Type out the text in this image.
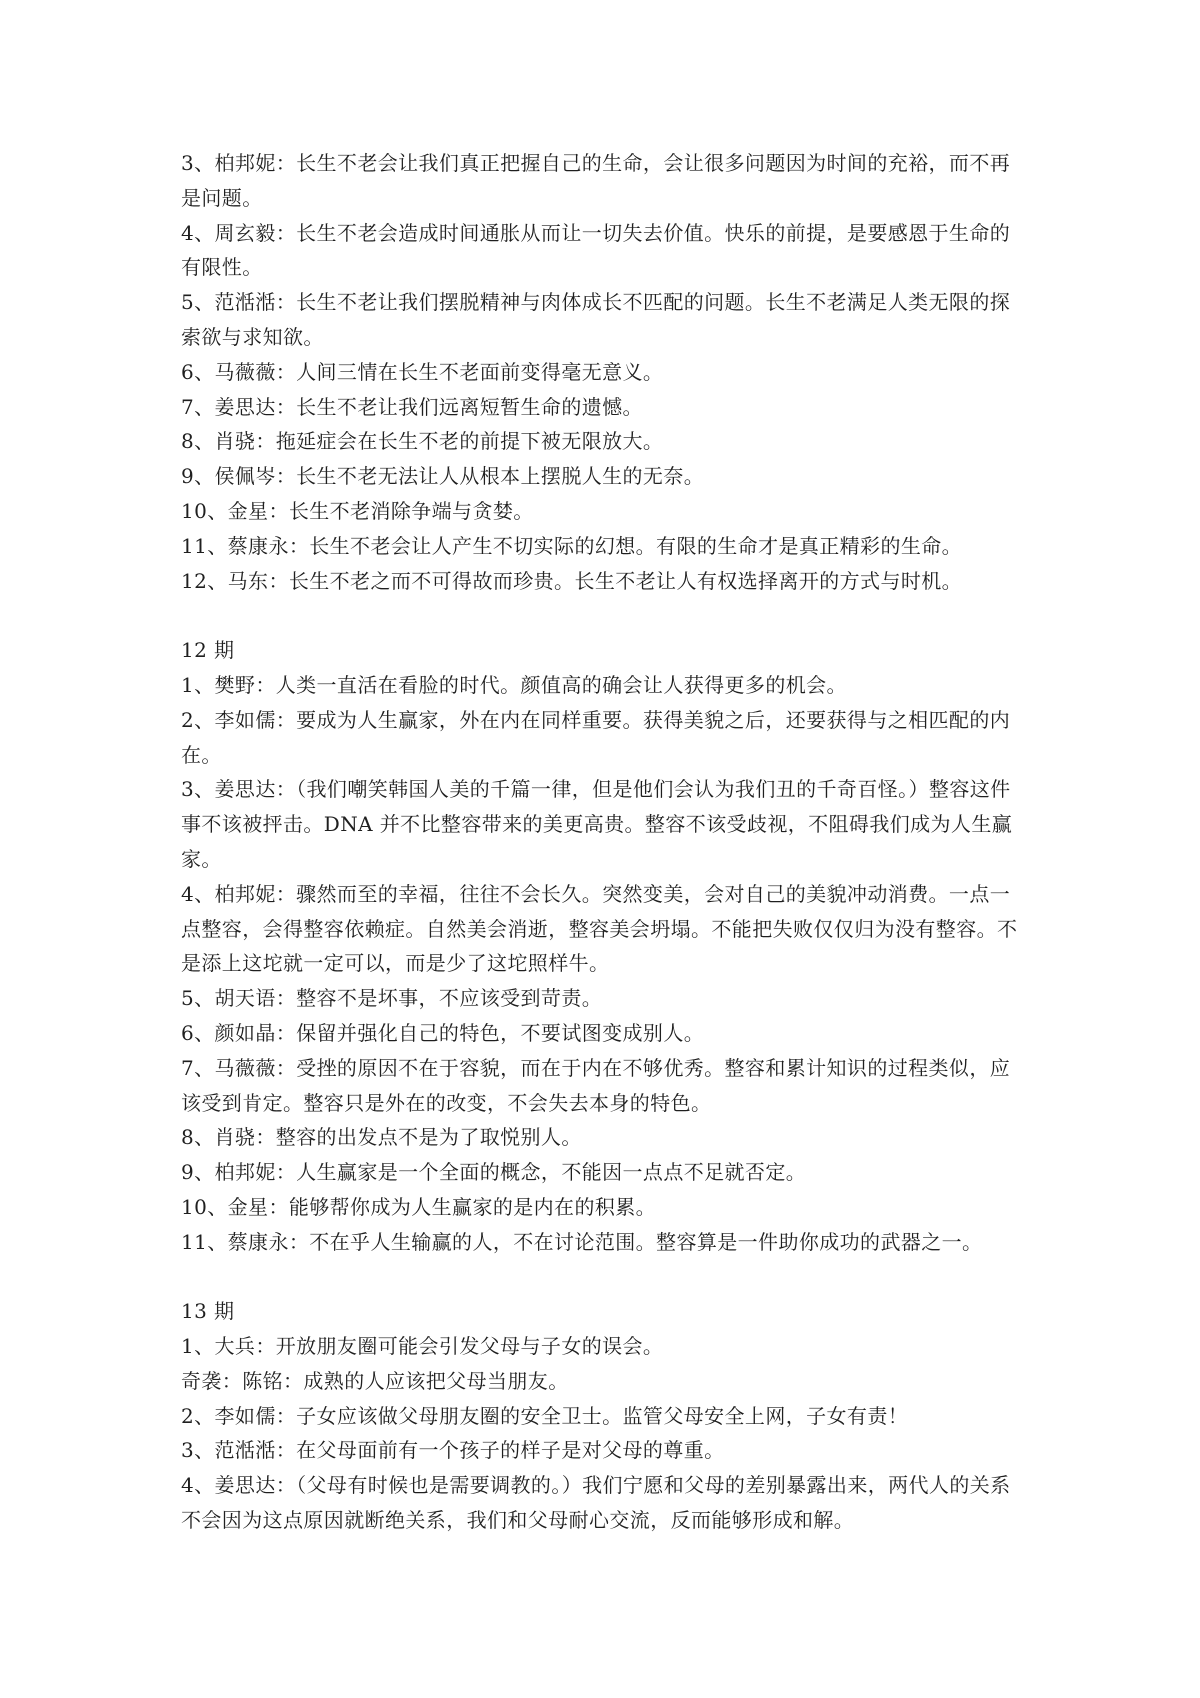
3、柏邦妮：长生不老会让我们真正把握自己的生命，会让很多问题因为时间的充裕，而不再是问题。

4、周玄毅：长生不老会造成时间通胀从而让一切失去价值。快乐的前提，是要感恩于生命的有限性。

5、范湉湉：长生不老让我们摆脱精神与肉体成长不匹配的问题。长生不老满足人类无限的探索欲与求知欲。

6、马薇薇：人间三情在长生不老面前变得毫无意义。

7、姜思达：长生不老让我们远离短暂生命的遗憾。

8、肖骁：拖延症会在长生不老的前提下被无限放大。

9、侯佩岑：长生不老无法让人从根本上摆脱人生的无奈。

10、金星：长生不老消除争端与贪婪。

11、蔡康永：长生不老会让人产生不切实际的幻想。有限的生命才是真正精彩的生命。

12、马东：长生不老之而不可得故而珍贵。长生不老让人有权选择离开的方式与时机。

12 期

1、樊野：人类一直活在看脸的时代。颜值高的确会让人获得更多的机会。

2、李如儒：要成为人生赢家，外在内在同样重要。获得美貌之后，还要获得与之相匹配的内在。

3、姜思达：（我们嘲笑韩国人美的千篇一律，但是他们会认为我们丑的千奇百怪。）整容这件事不该被抨击。DNA 并不比整容带来的美更高贵。整容不该受歧视，不阻碍我们成为人生赢家。

4、柏邦妮：骤然而至的幸福，往往不会长久。突然变美，会对自己的美貌冲动消费。一点一点整容，会得整容依赖症。自然美会消逝，整容美会坍塌。不能把失败仅仅归为没有整容。不是添上这坨就一定可以，而是少了这坨照样牛。

5、胡天语：整容不是坏事，不应该受到苛责。

6、颜如晶：保留并强化自己的特色，不要试图变成别人。

7、马薇薇：受挫的原因不在于容貌，而在于内在不够优秀。整容和累计知识的过程类似，应该受到肯定。整容只是外在的改变，不会失去本身的特色。

8、肖骁：整容的出发点不是为了取悦别人。

9、柏邦妮：人生赢家是一个全面的概念，不能因一点点不足就否定。

10、金星：能够帮你成为人生赢家的是内在的积累。

11、蔡康永：不在乎人生输赢的人，不在讨论范围。整容算是一件助你成功的武器之一。

13 期

1、大兵：开放朋友圈可能会引发父母与子女的误会。

奇袭：陈铭：成熟的人应该把父母当朋友。

2、李如儒：子女应该做父母朋友圈的安全卫士。监管父母安全上网，子女有责！

3、范湉湉：在父母面前有一个孩子的样子是对父母的尊重。

4、姜思达：（父母有时候也是需要调教的。）我们宁愿和父母的差别暴露出来，两代人的关系不会因为这点原因就断绝关系，我们和父母耐心交流，反而能够形成和解。
